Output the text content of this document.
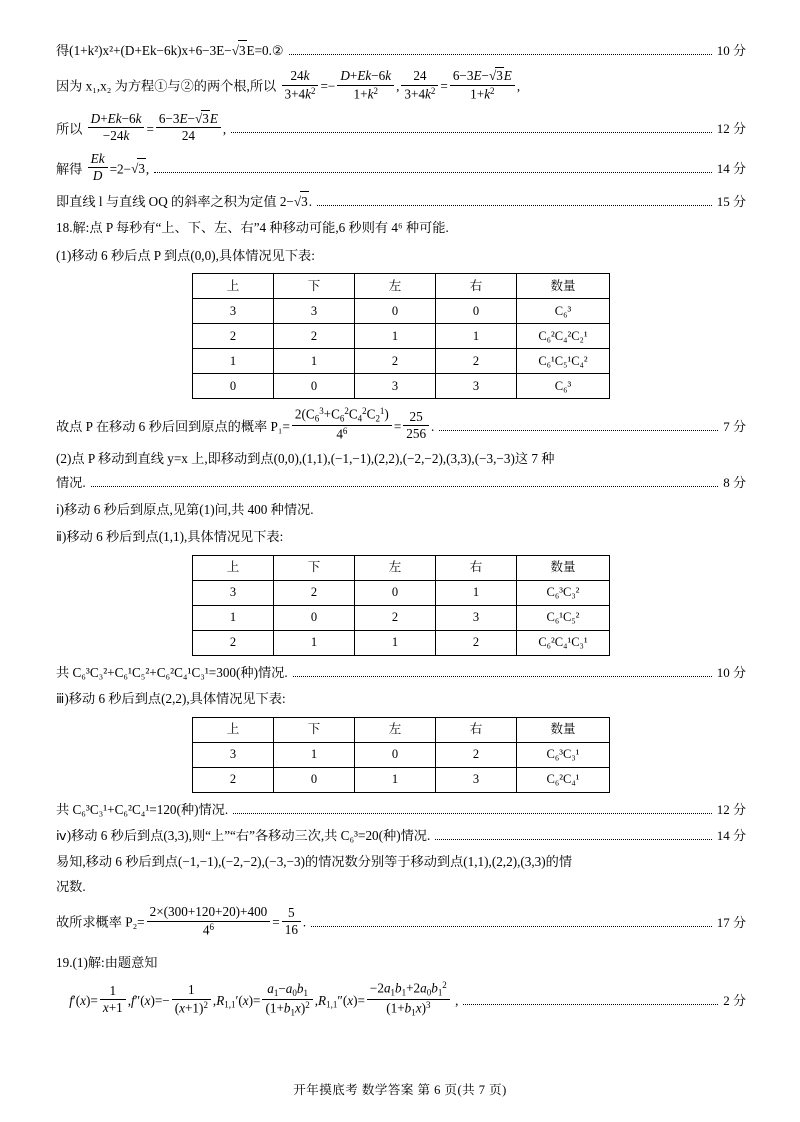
得(1+k²)x²+(D+Ek−6k)x+6−3E−√3E=0.②	10 分
因为 x₁,x₂ 为方程①与②的两个根,所以 $\frac{24k}{3+4k^2} =- \frac{D+Ek-6k}{1+k^2}$ , $\frac{24}{3+4k^2} = \frac{6-3E-√3E}{1+k^2}$ ,
所以 $\frac{D+Ek-6k}{-24k} = \frac{6-3E-√3E}{24}$ ,	12 分
解得 $\frac{Ek}{D} =2-√3$,	14 分
即直线 l 与直线 OQ 的斜率之积为定值 2−√3.	15 分
18.解:点 P 每秒有“上、下、左、右”4 种移动可能,6 秒则有 4⁶ 种可能.
(1)移动 6 秒后点 P 到点(0,0),具体情况见下表:
上	下	左	右	数量
3	3	0	0	C₆³
2	2	1	1	C₆²C₄²C₂¹
1	1	2	2	C₆¹C₅¹C₄²
0	0	3	3	C₆³
故点 P 在移动 6 秒后回到原点的概率 $P_1= \frac{2(C_6^3+C_6^2C_4^2C_2^1)}{4^6} = \frac{25}{256}$ .	7 分
(2)点 P 移动到直线 y=x 上,即移动到点(0,0),(1,1),(−1,−1),(2,2),(−2,−2),(3,3),(−3,−3)这 7 种
情况.	8 分
ⅰ)移动 6 秒后到原点,见第(1)问,共 400 种情况.
ⅱ)移动 6 秒后到点(1,1),具体情况见下表:
上	下	左	右	数量
3	2	0	1	C₆³C₃²
1	0	2	3	C₆¹C₅²
2	1	1	2	C₆²C₄¹C₃¹
共 C₆³C₃²+C₆¹C₅²+C₆²C₄¹C₃¹=300(种)情况.	10 分
ⅲ)移动 6 秒后到点(2,2),具体情况见下表:
上	下	左	右	数量
3	1	0	2	C₆³C₃¹
2	0	1	3	C₆²C₄¹
共 C₆³C₃¹+C₆²C₄¹=120(种)情况.	12 分
ⅳ)移动 6 秒后到点(3,3),则“上”“右”各移动三次,共 C₆³=20(种)情况.	14 分
易知,移动 6 秒后到点(−1,−1),(−2,−2),(−3,−3)的情况数分别等于移动到点(1,1),(2,2),(3,3)的情
况数.
故所求概率 $P_2= \frac{2\times(300+120+20)+400}{4^6} = \frac{5}{16}$ .	17 分
19.(1)解:由题意知
$f'(x)= \frac{1}{x+1} ,f''(x)=- \frac{1}{(x+1)^2} ,R_{1,1}'(x)= \frac{a_1-a_0b_1}{(1+b_1x)^2} ,R_{1,1}''(x)= \frac{-2a_1b_1+2a_0b_1^2}{(1+b_1x)^3}$ ,	2 分
开年摸底考 数学答案 第 6 页(共 7 页)
